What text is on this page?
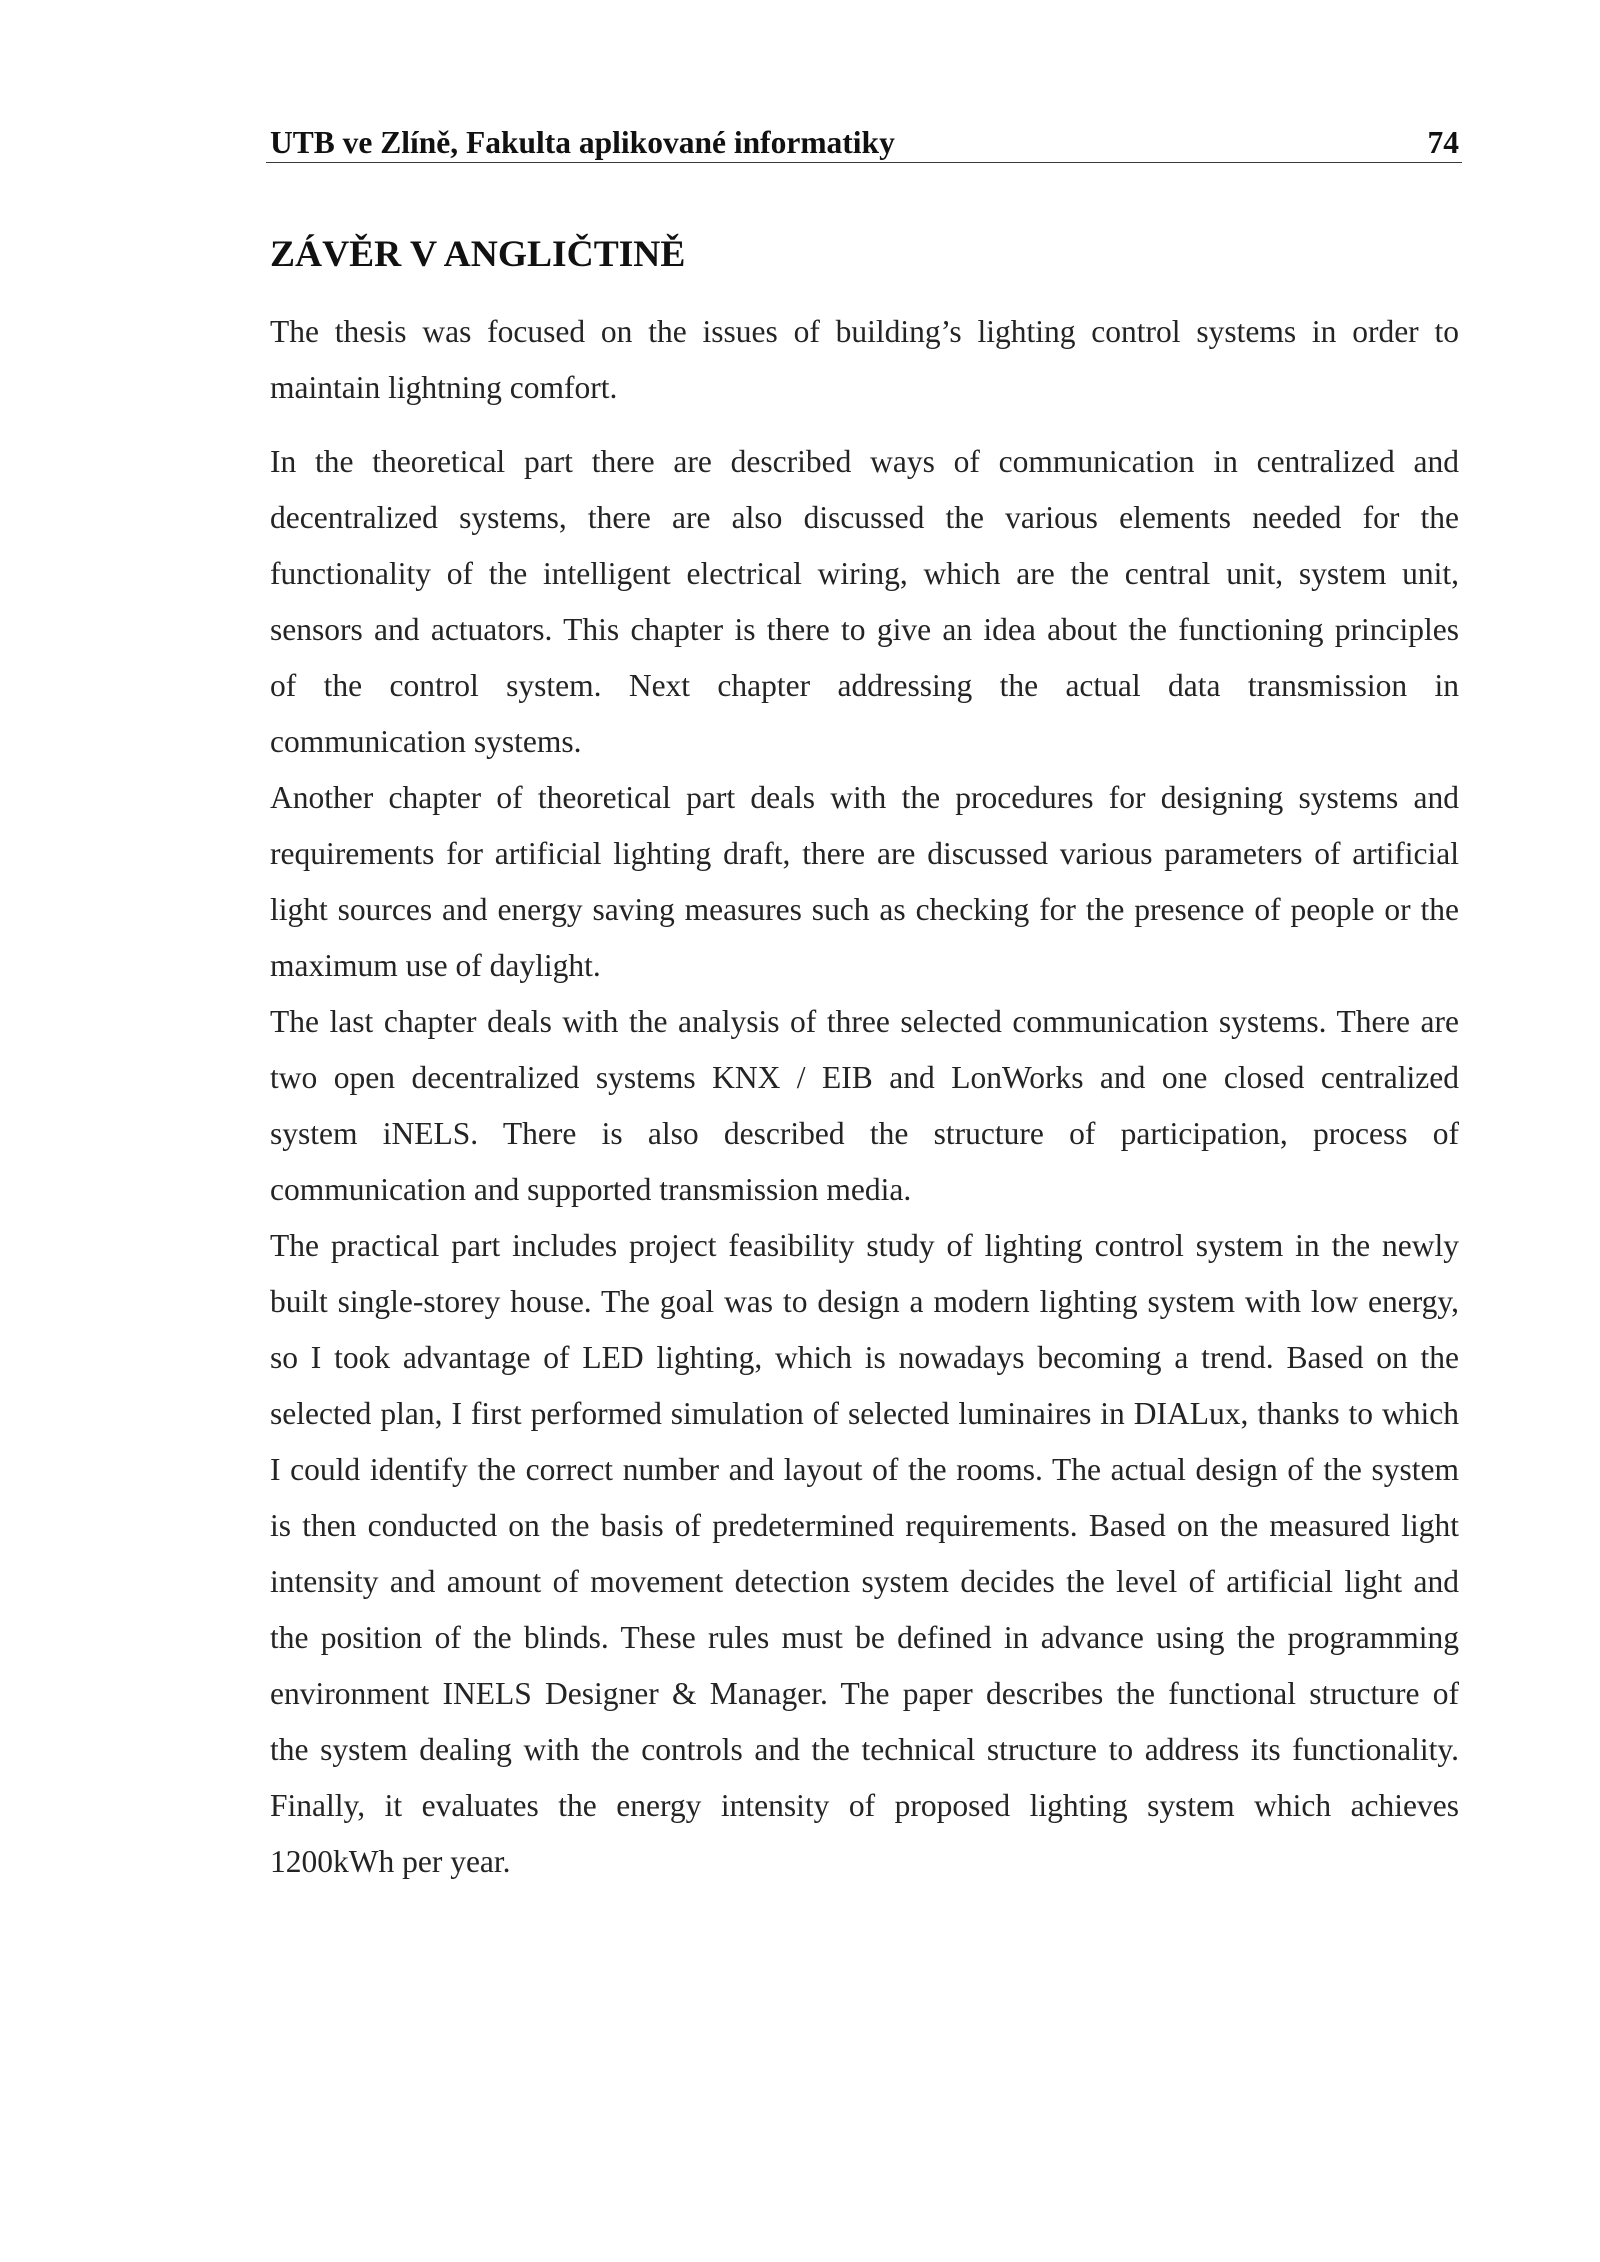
UTB ve Zlíně, Fakulta aplikované informatiky	74
ZÁVĚR V ANGLIČTINĚ

The thesis was focused on the issues of building’s lighting control systems in order to
maintain lightning comfort.

In the theoretical part there are described ways of communication in centralized and
decentralized systems, there are also discussed the various elements needed for the
functionality of the intelligent electrical wiring, which are the central unit, system unit,
sensors and actuators. This chapter is there to give an idea about the functioning principles
of the control system. Next chapter addressing the actual data transmission in
communication systems.

Another chapter of theoretical part deals with the procedures for designing systems and
requirements for artificial lighting draft, there are discussed various parameters of artificial
light sources and energy saving measures such as checking for the presence of people or the
maximum use of daylight.

The last chapter deals with the analysis of three selected communication systems. There are
two open decentralized systems KNX / EIB and LonWorks and one closed centralized
system iNELS. There is also described the structure of participation, process of
communication and supported transmission media.

The practical part includes project feasibility study of lighting control system in the newly
built single-storey house. The goal was to design a modern lighting system with low energy,
so I took advantage of LED lighting, which is nowadays becoming a trend. Based on the
selected plan, I first performed simulation of selected luminaires in DIALux, thanks to which
I could identify the correct number and layout of the rooms. The actual design of the system
is then conducted on the basis of predetermined requirements. Based on the measured light
intensity and amount of movement detection system decides the level of artificial light and
the position of the blinds. These rules must be defined in advance using the programming
environment INELS Designer & Manager. The paper describes the functional structure of
the system dealing with the controls and the technical structure to address its functionality.
Finally, it evaluates the energy intensity of proposed lighting system which achieves
1200kWh per year.
